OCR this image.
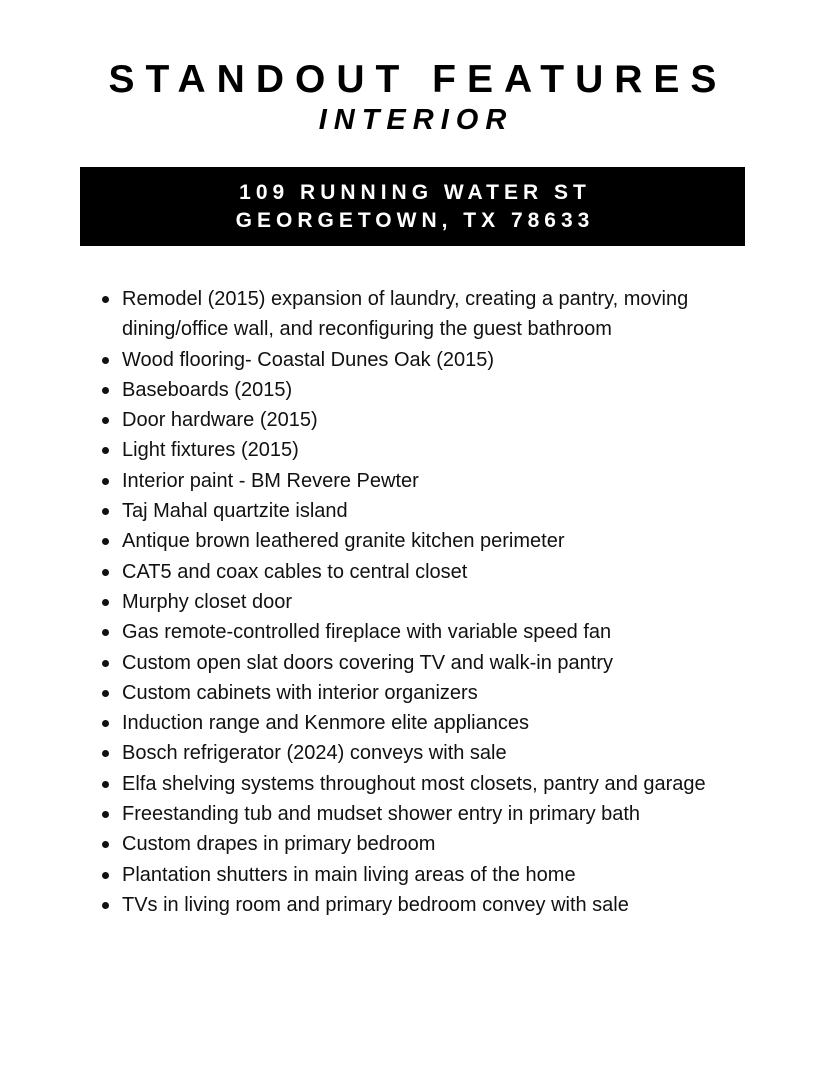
STANDOUT FEATURES
INTERIOR
109 RUNNING WATER ST
GEORGETOWN, TX 78633
Remodel (2015) expansion of laundry, creating a pantry, moving dining/office wall, and reconfiguring the guest bathroom
Wood flooring- Coastal Dunes Oak (2015)
Baseboards (2015)
Door hardware (2015)
Light fixtures (2015)
Interior paint - BM Revere Pewter
Taj Mahal quartzite island
Antique brown leathered granite kitchen perimeter
CAT5 and coax cables to central closet
Murphy closet door
Gas remote-controlled fireplace with variable speed fan
Custom open slat doors covering TV and walk-in pantry
Custom cabinets with interior organizers
Induction range and Kenmore elite appliances
Bosch refrigerator (2024) conveys with sale
Elfa shelving systems throughout most closets, pantry and garage
Freestanding tub and mudset shower entry in primary bath
Custom drapes in primary bedroom
Plantation shutters in main living areas of the home
TVs in living room and primary bedroom convey with sale
